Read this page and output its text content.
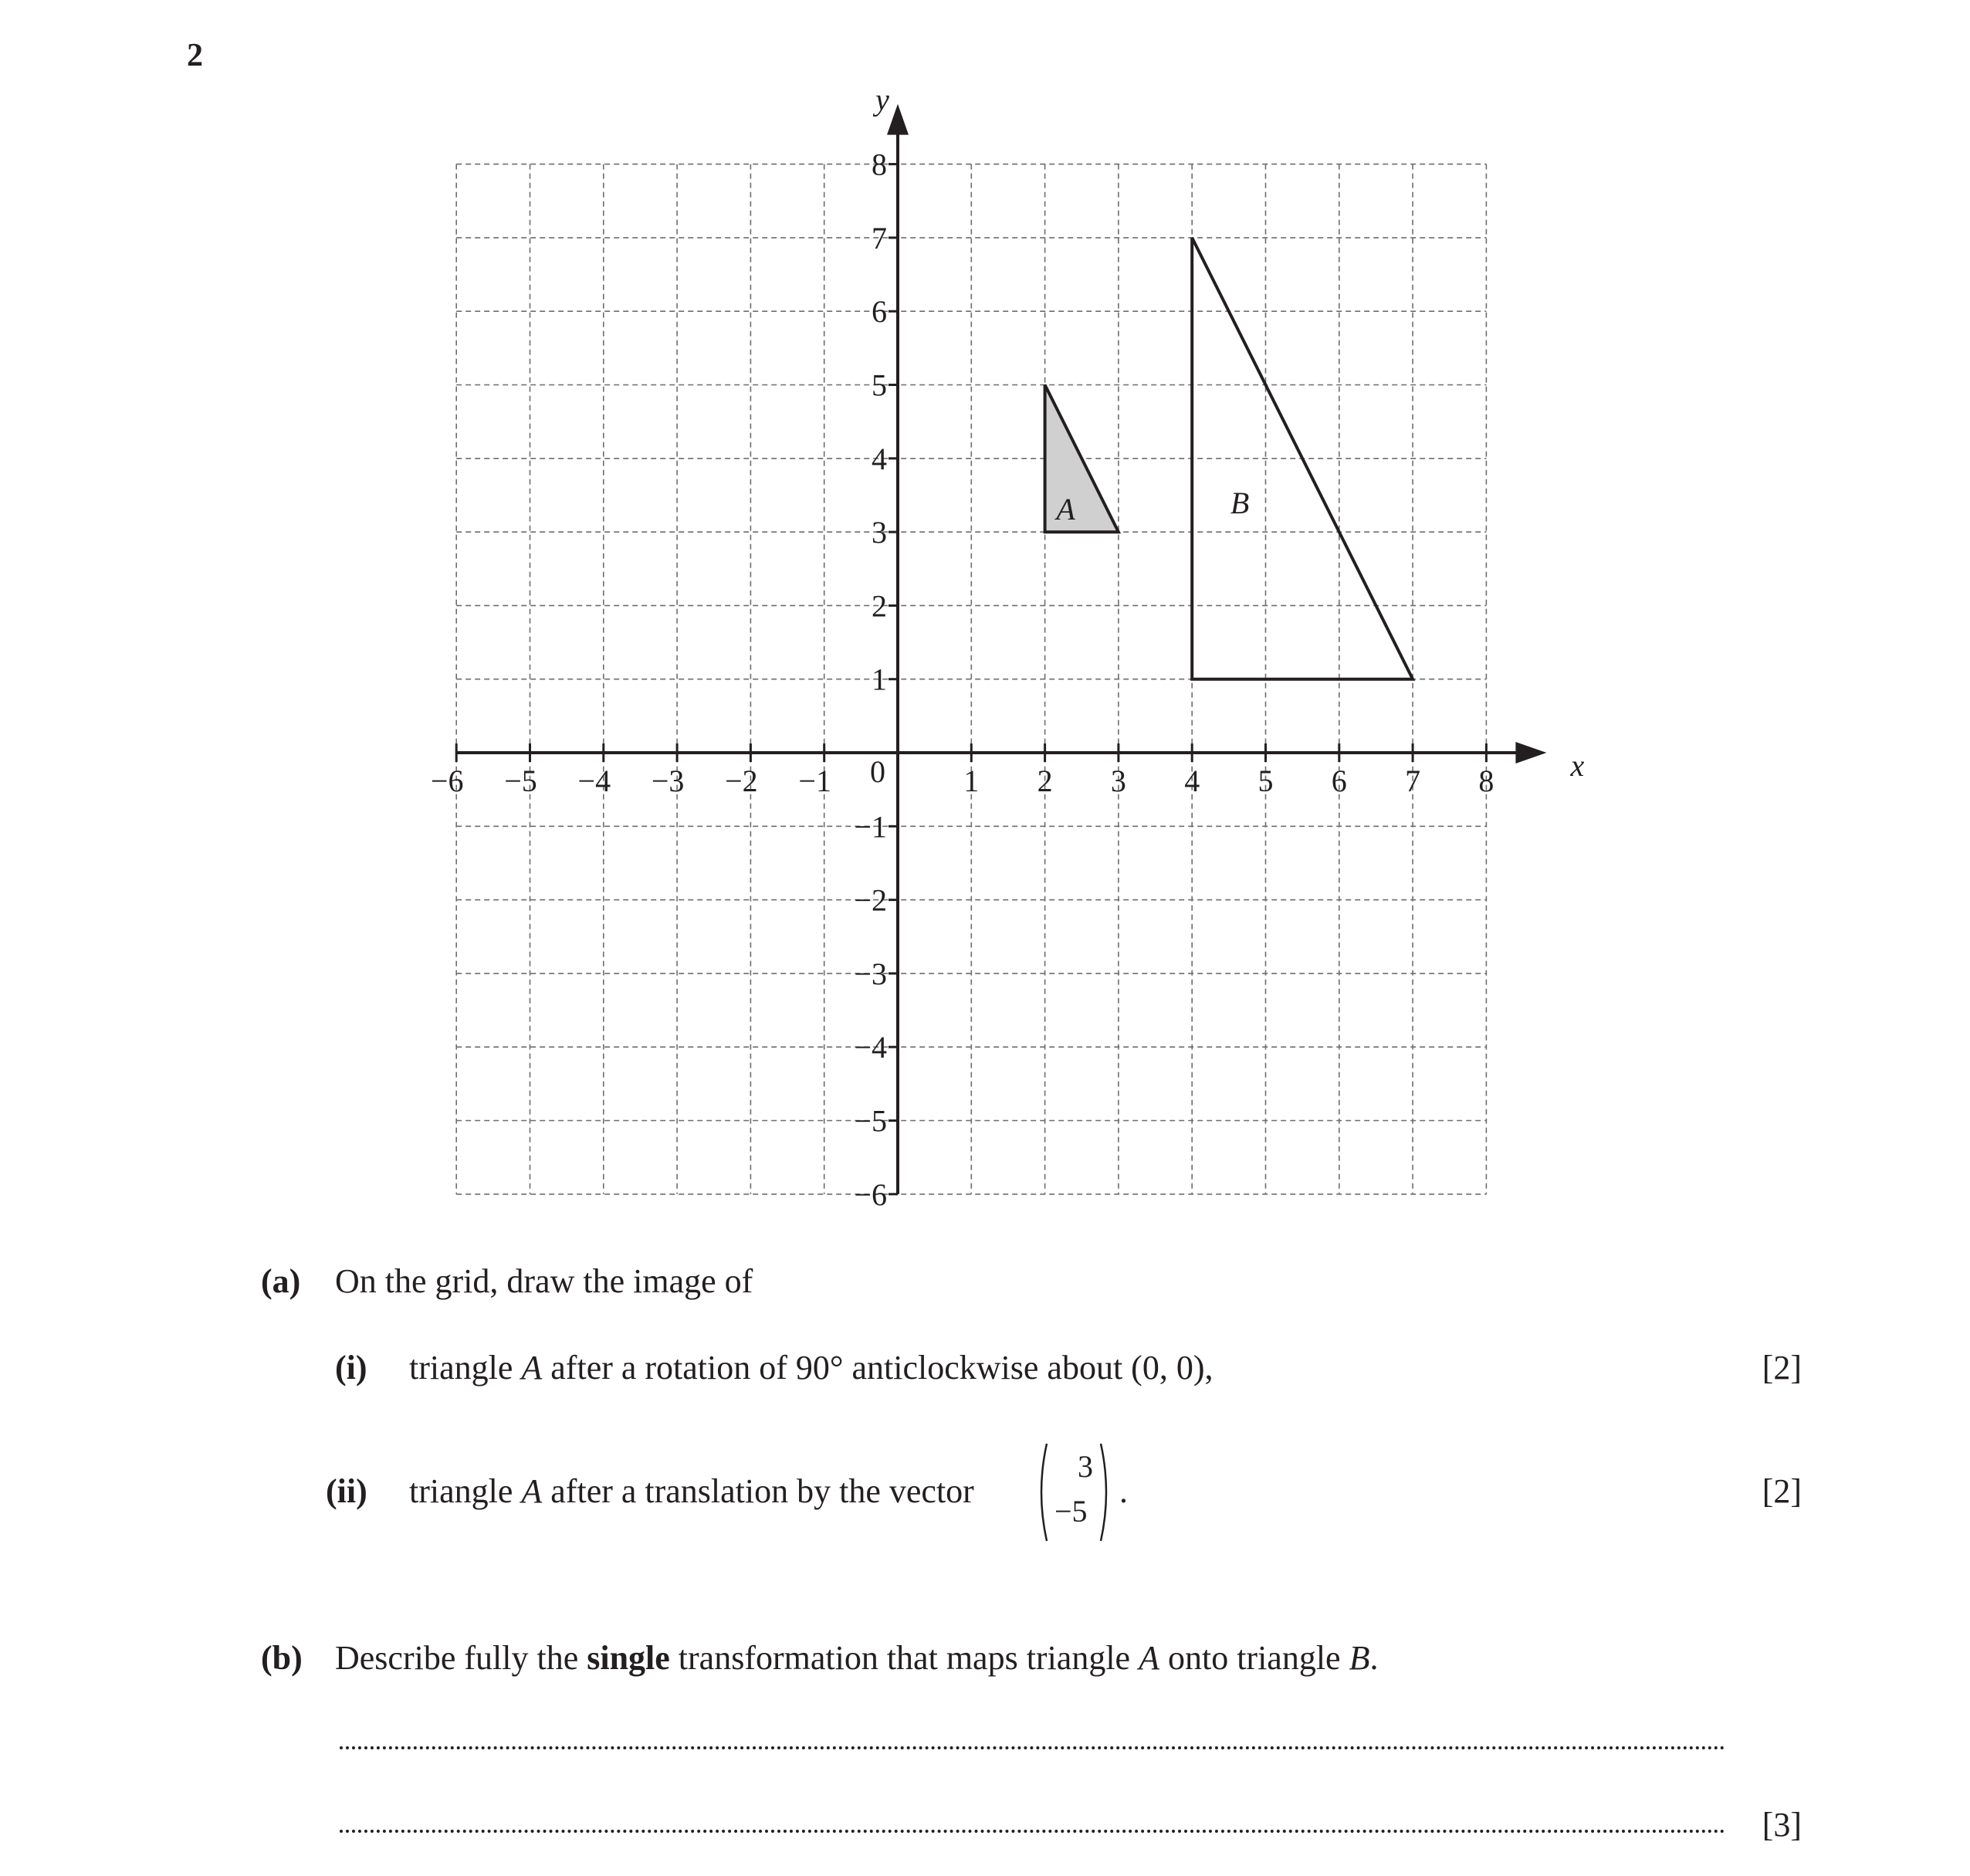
2
−6 −5 −4 −3 −2 −1	1 2 3 4 5 6 7 8
8
7
6
5
4
3
2
1
−1
−2
−3
−4
−5
−6
0	x
y
A	B
(a) On the grid, draw the image of
(i) triangle A after a rotation of 90° anticlockwise about (0, 0),	[2]
(ii) triangle A after a translation by the vector
3
−5
.	[2]
(b) Describe fully the single transformation that maps triangle A onto triangle B.
[3]
